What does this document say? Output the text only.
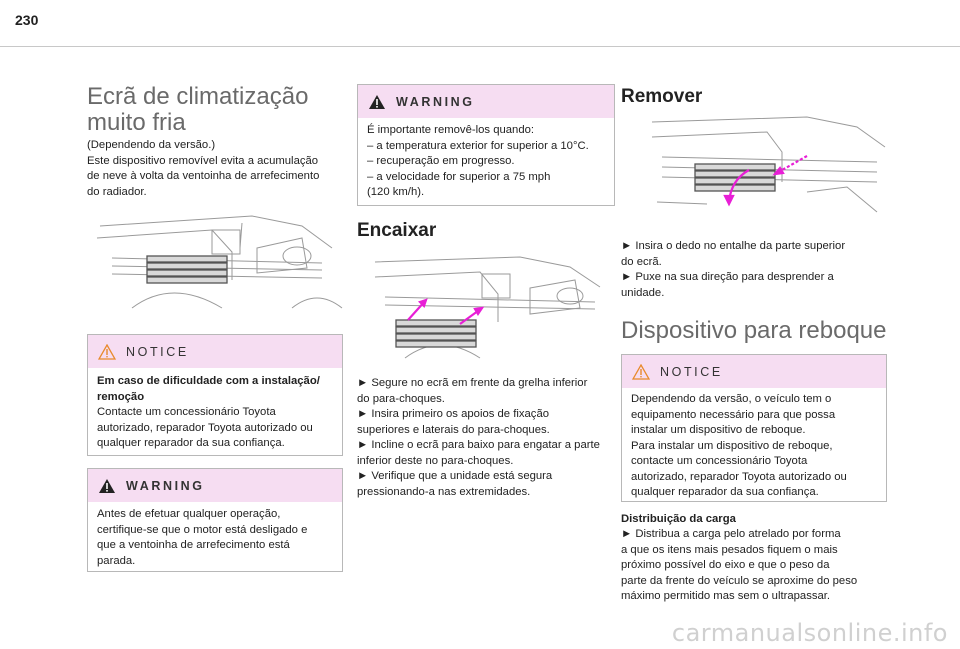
230

Ecrã de climatização

muito fria

(Dependendo da versão.)
Este dispositivo removível evita a acumulação
de neve à volta da ventoinha de arrefecimento
do radiador.

NOTICE

Em caso de dificuldade com a instalação/
remoção

Contacte um concessionário Toyota
autorizado, reparador Toyota autorizado ou
qualquer reparador da sua confiança.

WARNING

Antes de efetuar qualquer operação,
certifique-se que o motor está desligado e
que a ventoinha de arrefecimento está
parada.

WARNING

É importante removê-los quando:
– a temperatura exterior for superior a 10°C.
– recuperação em progresso.
– a velocidade for superior a 75 mph
(120 km/h).

Encaixar

► Segure no ecrã em frente da grelha inferior
do para-choques.
► Insira primeiro os apoios de fixação
superiores e laterais do para-choques.
► Incline o ecrã para baixo para engatar a parte
inferior deste no para-choques.
► Verifique que a unidade está segura
pressionando-a nas extremidades.

Remover

► Insira o dedo no entalhe da parte superior
do ecrã.
► Puxe na sua direção para desprender a
unidade.

Dispositivo para reboque

NOTICE

Dependendo da versão, o veículo tem o
equipamento necessário para que possa
instalar um dispositivo de reboque.
Para instalar um dispositivo de reboque,
contacte um concessionário Toyota
autorizado, reparador Toyota autorizado ou
qualquer reparador da sua confiança.

Distribuição da carga

► Distribua a carga pelo atrelado por forma
a que os itens mais pesados fiquem o mais
próximo possível do eixo e que o peso da
parte da frente do veículo se aproxime do peso
máximo permitido mas sem o ultrapassar.

carmanualsonline.info
